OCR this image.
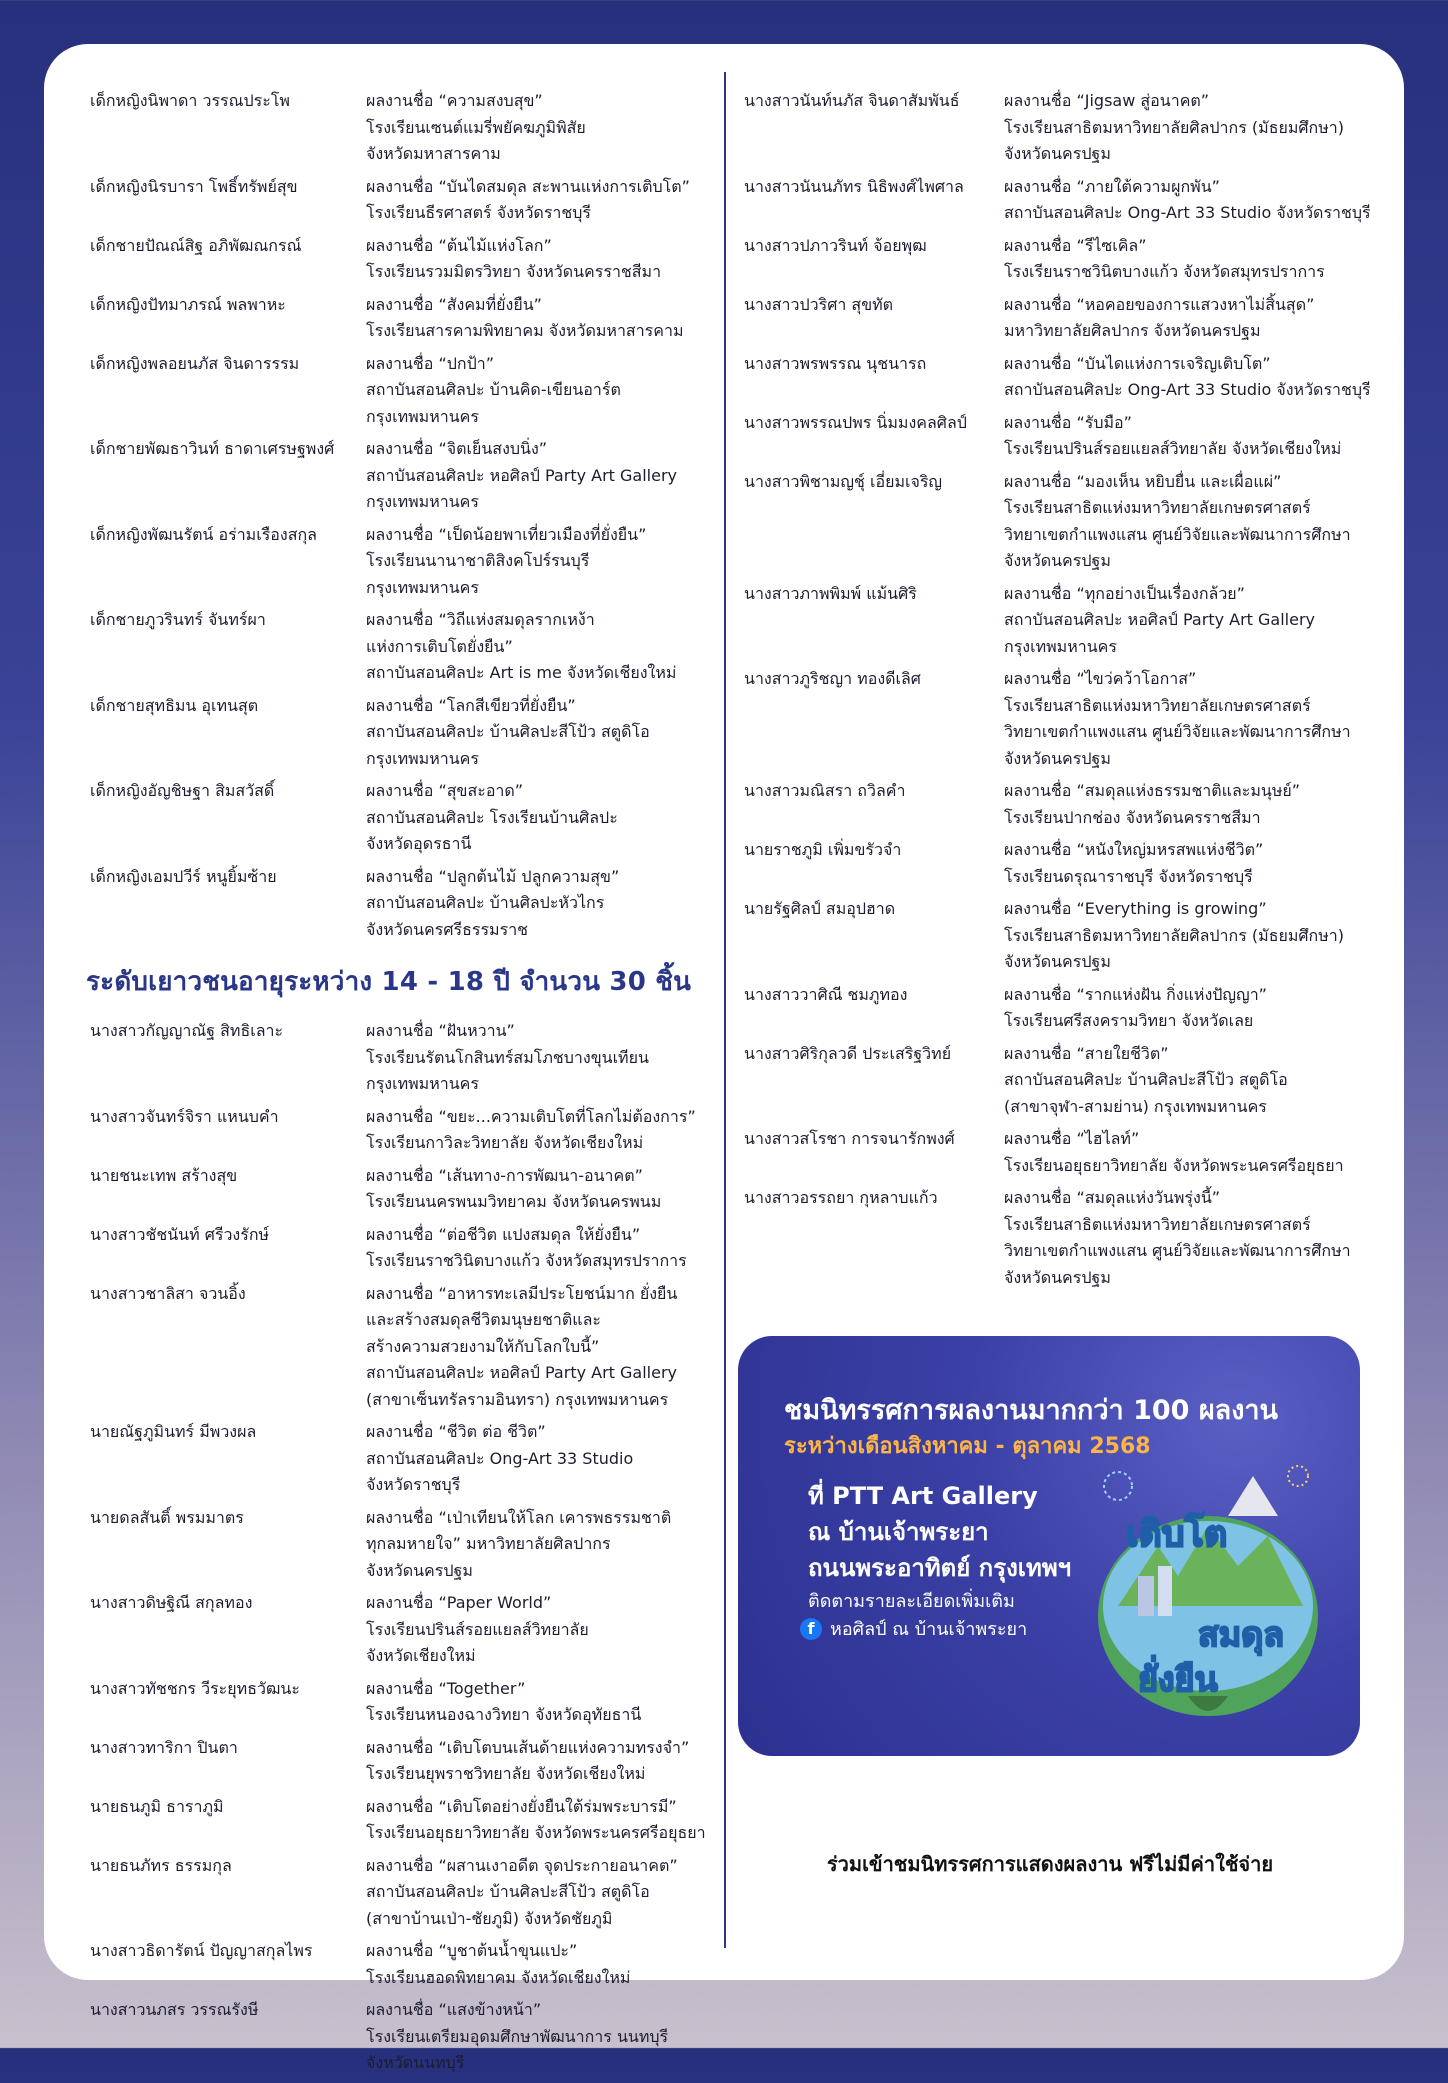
เด็กหญิงนิพาดา วรรณประโพ	ผลงานชื่อ “ความสงบสุข”
โรงเรียนเซนต์แมรี่พยัคฆภูมิพิสัย
จังหวัดมหาสารคาม
เด็กหญิงนิรบารา โพธิ์ทรัพย์สุข	ผลงานชื่อ “บันไดสมดุล สะพานแห่งการเติบโต”
โรงเรียนธีรศาสตร์ จังหวัดราชบุรี
เด็กชายปัณณ์สิฐ อภิพัฒณกรณ์	ผลงานชื่อ “ต้นไม้แห่งโลก”
โรงเรียนรวมมิตรวิทยา จังหวัดนครราชสีมา
เด็กหญิงปัทมาภรณ์ พลพาหะ	ผลงานชื่อ “สังคมที่ยั่งยืน”
โรงเรียนสารคามพิทยาคม จังหวัดมหาสารคาม
เด็กหญิงพลอยนภัส จินดารรรม	ผลงานชื่อ “ปกป้า”
สถาบันสอนศิลปะ บ้านคิด-เขียนอาร์ต
กรุงเทพมหานคร
เด็กชายพัฒธาวินท์ ธาดาเศรษฐพงศ์	ผลงานชื่อ “จิตเย็นสงบนิ่ง”
สถาบันสอนศิลปะ หอศิลป์ Party Art Gallery
กรุงเทพมหานคร
เด็กหญิงพัฒนรัตน์ อร่ามเรืองสกุล	ผลงานชื่อ “เป็ดน้อยพาเที่ยวเมืองที่ยั่งยืน”
โรงเรียนนานาชาติสิงคโปร์รนบุรี
กรุงเทพมหานคร
เด็กชายภูวรินทร์ จันทร์ผา	ผลงานชื่อ “วิถีแห่งสมดุลรากเหง้า
แห่งการเติบโตยั่งยืน”
สถาบันสอนศิลปะ Art is me จังหวัดเชียงใหม่
เด็กชายสุทธิมน อุเทนสุต	ผลงานชื่อ “โลกสีเขียวที่ยั่งยืน”
สถาบันสอนศิลปะ บ้านศิลปะสีโป้ว สตูดิโอ
กรุงเทพมหานคร
เด็กหญิงอัญชิษฐา สิมสวัสดิ์	ผลงานชื่อ “สุขสะอาด”
สถาบันสอนศิลปะ โรงเรียนบ้านศิลปะ
จังหวัดอุดรธานี
เด็กหญิงเอมปวีร์ หนูยิ้มซ้าย	ผลงานชื่อ “ปลูกต้นไม้ ปลูกความสุข”
สถาบันสอนศิลปะ บ้านศิลปะหัวไกร
จังหวัดนครศรีธรรมราช
ระดับเยาวชนอายุระหว่าง 14 - 18 ปี จำนวน 30 ชิ้น
นางสาวกัญญาณัฐ สิทธิเลาะ	ผลงานชื่อ “ฝันหวาน”
โรงเรียนรัตนโกสินทร์สมโภชบางขุนเทียน
กรุงเทพมหานคร
นางสาวจันทร์จิรา แหนบคำ	ผลงานชื่อ “ขยะ...ความเติบโตที่โลกไม่ต้องการ”
โรงเรียนกาวิละวิทยาลัย จังหวัดเชียงใหม่
นายชนะเทพ สร้างสุข	ผลงานชื่อ “เส้นทาง-การพัฒนา-อนาคต”
โรงเรียนนครพนมวิทยาคม จังหวัดนครพนม
นางสาวชัชนันท์ ศรีวงรักษ์	ผลงานชื่อ “ต่อชีวิต แปงสมดุล ให้ยั่งยืน”
โรงเรียนราชวินิตบางแก้ว จังหวัดสมุทรปราการ
นางสาวชาลิสา จวนอิ้ง	ผลงานชื่อ “อาหารทะเลมีประโยชน์มาก ยั่งยืน
และสร้างสมดุลชีวิตมนุษยชาติและ
สร้างความสวยงามให้กับโลกใบนี้”
สถาบันสอนศิลปะ หอศิลป์ Party Art Gallery
(สาขาเซ็นทรัลรามอินทรา) กรุงเทพมหานคร
นายณัฐภูมินทร์ มีพวงผล	ผลงานชื่อ “ชีวิต ต่อ ชีวิต”
สถาบันสอนศิลปะ Ong-Art 33 Studio
จังหวัดราชบุรี
นายดลสันติ์ พรมมาตร	ผลงานชื่อ “เป่าเทียนให้โลก เคารพธรรมชาติ
ทุกลมหายใจ” มหาวิทยาลัยศิลปากร
จังหวัดนครปฐม
นางสาวดิษฐิณี สกุลทอง	ผลงานชื่อ “Paper World”
โรงเรียนปรินส์รอยแยลส์วิทยาลัย
จังหวัดเชียงใหม่
นางสาวทัชชกร วีระยุทธวัฒนะ	ผลงานชื่อ “Together”
โรงเรียนหนองฉางวิทยา จังหวัดอุทัยธานี
นางสาวทาริกา ปินตา	ผลงานชื่อ “เติบโตบนเส้นด้ายแห่งความทรงจำ”
โรงเรียนยุพราชวิทยาลัย จังหวัดเชียงใหม่
นายธนภูมิ ธาราภูมิ	ผลงานชื่อ “เติบโตอย่างยั่งยืนใต้ร่มพระบารมี”
โรงเรียนอยุธยาวิทยาลัย จังหวัดพระนครศรีอยุธยา
นายธนภัทร ธรรมกุล	ผลงานชื่อ “ผสานเงาอดีต จุดประกายอนาคต”
สถาบันสอนศิลปะ บ้านศิลปะสีโป้ว สตูดิโอ
(สาขาบ้านเป่า-ชัยภูมิ) จังหวัดชัยภูมิ
นางสาวธิดารัตน์ ปัญญาสกุลไพร	ผลงานชื่อ “บูชาต้นน้ำขุนแปะ”
โรงเรียนฮอดพิทยาคม จังหวัดเชียงใหม่
นางสาวนภสร วรรณรังษี	ผลงานชื่อ “แสงข้างหน้า”
โรงเรียนเตรียมอุดมศึกษาพัฒนาการ นนทบุรี
จังหวัดนนทบุรี
นางสาวนันท์นภัส จินดาสัมพันธ์	ผลงานชื่อ “Jigsaw สู่อนาคต”
โรงเรียนสาธิตมหาวิทยาลัยศิลปากร (มัธยมศึกษา)
จังหวัดนครปฐม
นางสาวนันนภัทร นิธิพงศ์ไพศาล	ผลงานชื่อ “ภายใต้ความผูกพัน”
สถาบันสอนศิลปะ Ong-Art 33 Studio จังหวัดราชบุรี
นางสาวปภาวรินท์ จ้อยพุฒ	ผลงานชื่อ “รีไซเคิล”
โรงเรียนราชวินิตบางแก้ว จังหวัดสมุทรปราการ
นางสาวปวริศา สุขทัต	ผลงานชื่อ “หอคอยของการแสวงหาไม่สิ้นสุด”
มหาวิทยาลัยศิลปากร จังหวัดนครปฐม
นางสาวพรพรรณ นุชนารถ	ผลงานชื่อ “บันไดแห่งการเจริญเติบโต”
สถาบันสอนศิลปะ Ong-Art 33 Studio จังหวัดราชบุรี
นางสาวพรรณปพร นิ่มมงคลศิลป์	ผลงานชื่อ “รับมือ”
โรงเรียนปรินส์รอยแยลส์วิทยาลัย จังหวัดเชียงใหม่
นางสาวพิชามญชุ์ เอี่ยมเจริญ	ผลงานชื่อ “มองเห็น หยิบยื่น และเผื่อแผ่”
โรงเรียนสาธิตแห่งมหาวิทยาลัยเกษตรศาสตร์
วิทยาเขตกำแพงแสน ศูนย์วิจัยและพัฒนาการศึกษา
จังหวัดนครปฐม
นางสาวภาพพิมพ์ แม้นศิริ	ผลงานชื่อ “ทุกอย่างเป็นเรื่องกล้วย”
สถาบันสอนศิลปะ หอศิลป์ Party Art Gallery
กรุงเทพมหานคร
นางสาวภูริชญา ทองดีเลิศ	ผลงานชื่อ “ไขว่คว้าโอกาส”
โรงเรียนสาธิตแห่งมหาวิทยาลัยเกษตรศาสตร์
วิทยาเขตกำแพงแสน ศูนย์วิจัยและพัฒนาการศึกษา
จังหวัดนครปฐม
นางสาวมณิสรา ถวิลคำ	ผลงานชื่อ “สมดุลแห่งธรรมชาติและมนุษย์”
โรงเรียนปากช่อง จังหวัดนครราชสีมา
นายราชภูมิ เพิ่มขรัวจำ	ผลงานชื่อ “หนังใหญ่มหรสพแห่งชีวิต”
โรงเรียนดรุณาราชบุรี จังหวัดราชบุรี
นายรัฐศิลป์ สมอุปฮาด	ผลงานชื่อ “Everything is growing”
โรงเรียนสาธิตมหาวิทยาลัยศิลปากร (มัธยมศึกษา)
จังหวัดนครปฐม
นางสาววาศิณี ชมภูทอง	ผลงานชื่อ “รากแห่งฝัน กิ่งแห่งปัญญา”
โรงเรียนศรีสงครามวิทยา จังหวัดเลย
นางสาวศิริกุลวดี ประเสริฐวิทย์	ผลงานชื่อ “สายใยชีวิต”
สถาบันสอนศิลปะ บ้านศิลปะสีโป้ว สตูดิโอ
(สาขาจุฬา-สามย่าน) กรุงเทพมหานคร
นางสาวสโรชา การจนารักพงศ์	ผลงานชื่อ “ไฮไลท์”
โรงเรียนอยุธยาวิทยาลัย จังหวัดพระนครศรีอยุธยา
นางสาวอรรถยา กุหลาบแก้ว	ผลงานชื่อ “สมดุลแห่งวันพรุ่งนี้”
โรงเรียนสาธิตแห่งมหาวิทยาลัยเกษตรศาสตร์
วิทยาเขตกำแพงแสน ศูนย์วิจัยและพัฒนาการศึกษา
จังหวัดนครปฐม
ชมนิทรรศการผลงานมากกว่า 100 ผลงาน
ระหว่างเดือนสิงหาคม - ตุลาคม 2568
ที่ PTT Art Gallery
ณ บ้านเจ้าพระยา
ถนนพระอาทิตย์ กรุงเทพฯ
ติดตามรายละเอียดเพิ่มเติม
f หอศิลป์ ณ บ้านเจ้าพระยา
เติบโต
สมดุล
ยั่งยืน
ร่วมเข้าชมนิทรรศการแสดงผลงาน ฟรีไม่มีค่าใช้จ่าย
